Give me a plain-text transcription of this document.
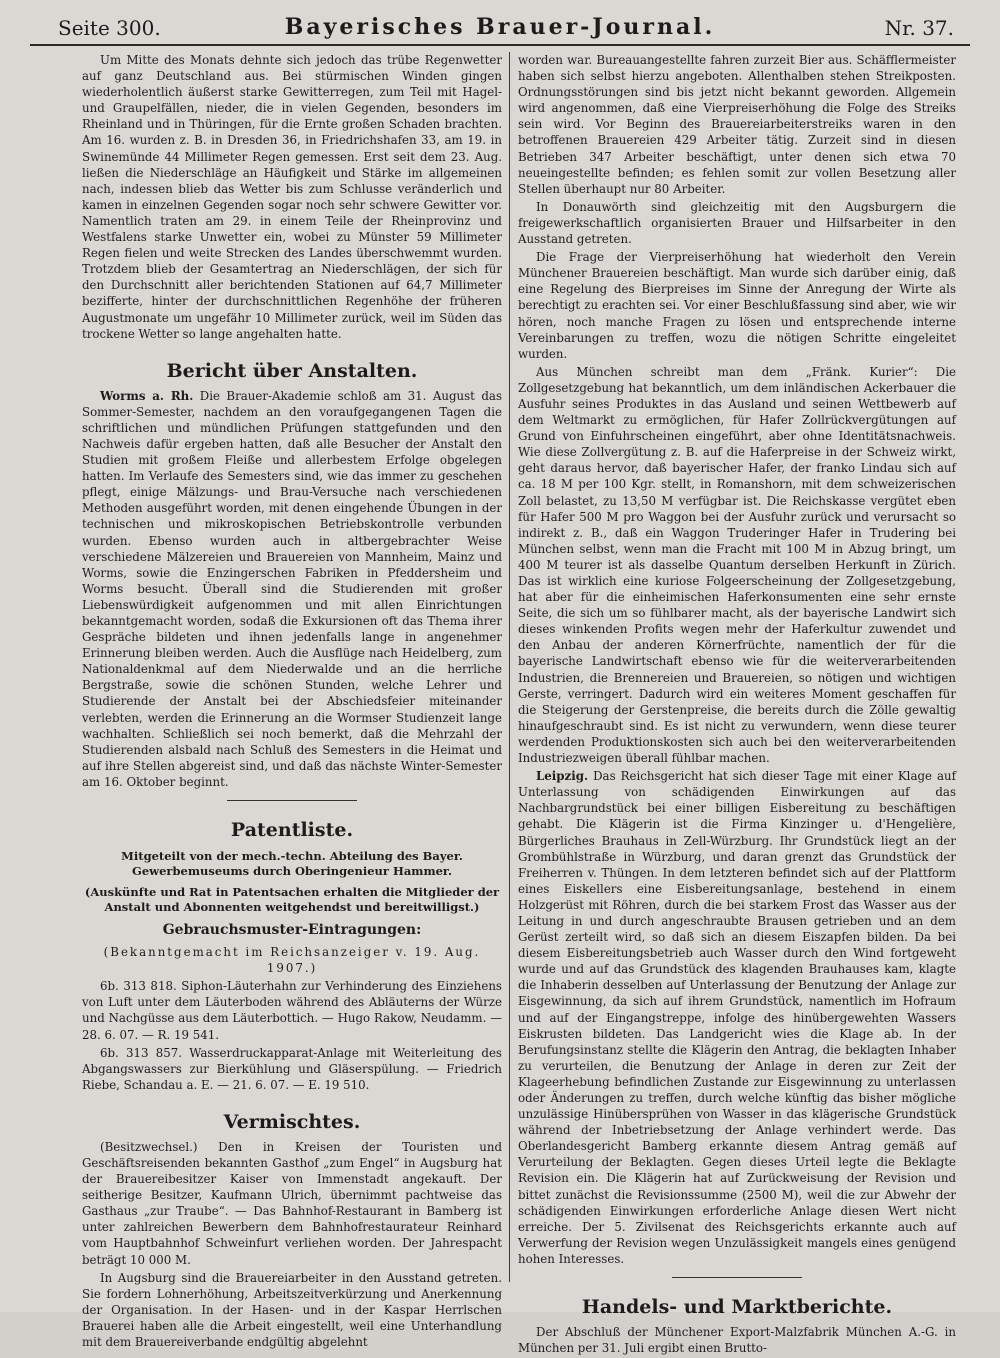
Seite 300.	Bayerisches Brauer-Journal.	Nr. 37.

Um Mitte des Monats dehnte sich jedoch das trübe Regenwetter auf ganz Deutschland aus. Bei stürmischen Winden gingen wiederholentlich äußerst starke Gewitterregen, zum Teil mit Hagel- und Graupelfällen, nieder, die in vielen Gegenden, besonders im Rheinland und in Thüringen, für die Ernte großen Schaden brachten. Am 16. wurden z. B. in Dresden 36, in Friedrichshafen 33, am 19. in Swinemünde 44 Millimeter Regen gemessen. Erst seit dem 23. Aug. ließen die Niederschläge an Häufigkeit und Stärke im allgemeinen nach, indessen blieb das Wetter bis zum Schlusse veränderlich und kamen in einzelnen Gegenden sogar noch sehr schwere Gewitter vor. Namentlich traten am 29. in einem Teile der Rheinprovinz und Westfalens starke Unwetter ein, wobei zu Münster 59 Millimeter Regen fielen und weite Strecken des Landes überschwemmt wurden. Trotzdem blieb der Gesamtertrag an Niederschlägen, der sich für den Durchschnitt aller berichtenden Stationen auf 64,7 Millimeter bezifferte, hinter der durchschnittlichen Regenhöhe der früheren Augustmonate um ungefähr 10 Millimeter zurück, weil im Süden das trockene Wetter so lange angehalten hatte.

Bericht über Anstalten.

Worms a. Rh. Die Brauer-Akademie schloß am 31. August das Sommer-Semester, nachdem an den voraufgegangenen Tagen die schriftlichen und mündlichen Prüfungen stattgefunden und den Nachweis dafür ergeben hatten, daß alle Besucher der Anstalt den Studien mit großem Fleiße und allerbestem Erfolge obgelegen hatten. Im Verlaufe des Semesters sind, wie das immer zu geschehen pflegt, einige Mälzungs- und Brau-Versuche nach verschiedenen Methoden ausgeführt worden, mit denen eingehende Übungen in der technischen und mikroskopischen Betriebskontrolle verbunden wurden. Ebenso wurden auch in altbergebrachter Weise verschiedene Mälzereien und Brauereien von Mannheim, Mainz und Worms, sowie die Enzingerschen Fabriken in Pfeddersheim und Worms besucht. Überall sind die Studierenden mit großer Liebenswürdigkeit aufgenommen und mit allen Einrichtungen bekanntgemacht worden, sodaß die Exkursionen oft das Thema ihrer Gespräche bildeten und ihnen jedenfalls lange in angenehmer Erinnerung bleiben werden. Auch die Ausflüge nach Heidelberg, zum Nationaldenkmal auf dem Niederwalde und an die herrliche Bergstraße, sowie die schönen Stunden, welche Lehrer und Studierende der Anstalt bei der Abschiedsfeier miteinander verlebten, werden die Erinnerung an die Wormser Studienzeit lange wachhalten. Schließlich sei noch bemerkt, daß die Mehrzahl der Studierenden alsbald nach Schluß des Semesters in die Heimat und auf ihre Stellen abgereist sind, und daß das nächste Winter-Semester am 16. Oktober beginnt.

Patentliste.
Mitgeteilt von der mech.-techn. Abteilung des Bayer. Gewerbemuseums durch Oberingenieur Hammer.
(Auskünfte und Rat in Patentsachen erhalten die Mitglieder der Anstalt und Abonnenten weitgehendst und bereitwilligst.)
Gebrauchsmuster-Eintragungen:

(Bekanntgemacht im Reichsanzeiger v. 19. Aug. 1907.)

6b. 313 818. Siphon-Läuterhahn zur Verhinderung des Einziehens von Luft unter dem Läuterboden während des Abläuterns der Würze und Nachgüsse aus dem Läuterbottich. — Hugo Rakow, Neudamm. — 28. 6. 07. — R. 19 541.

6b. 313 857. Wasserdruckapparat-Anlage mit Weiterleitung des Abgangswassers zur Bierkühlung und Gläserspülung. — Friedrich Riebe, Schandau a. E. — 21. 6. 07. — E. 19 510.

Vermischtes.

(Besitzwechsel.) Den in Kreisen der Touristen und Geschäftsreisenden bekannten Gasthof „zum Engel“ in Augsburg hat der Brauereibesitzer Kaiser von Immenstadt angekauft. Der seitherige Besitzer, Kaufmann Ulrich, übernimmt pachtweise das Gasthaus „zur Traube“. — Das Bahnhof-Restaurant in Bamberg ist unter zahlreichen Bewerbern dem Bahnhofrestaurateur Reinhard vom Hauptbahnhof Schweinfurt verliehen worden. Der Jahrespacht beträgt 10 000 M.

In Augsburg sind die Brauereiarbeiter in den Ausstand getreten. Sie fordern Lohnerhöhung, Arbeitszeitverkürzung und Anerkennung der Organisation. In der Hasen- und in der Kaspar Herrlschen Brauerei haben alle die Arbeit eingestellt, weil eine Unterhandlung mit dem Brauereiverbande endgültig abgelehnt

worden war. Bureauangestellte fahren zurzeit Bier aus. Schäfflermeister haben sich selbst hierzu angeboten. Allenthalben stehen Streikposten. Ordnungsstörungen sind bis jetzt nicht bekannt geworden. Allgemein wird angenommen, daß eine Vierpreiserhöhung die Folge des Streiks sein wird. Vor Beginn des Brauereiarbeiterstreiks waren in den betroffenen Brauereien 429 Arbeiter tätig. Zurzeit sind in diesen Betrieben 347 Arbeiter beschäftigt, unter denen sich etwa 70 neueingestellte befinden; es fehlen somit zur vollen Besetzung aller Stellen überhaupt nur 80 Arbeiter.

In Donauwörth sind gleichzeitig mit den Augsburgern die freigewerkschaftlich organisierten Brauer und Hilfsarbeiter in den Ausstand getreten.

Die Frage der Vierpreiserhöhung hat wiederholt den Verein Münchener Brauereien beschäftigt. Man wurde sich darüber einig, daß eine Regelung des Bierpreises im Sinne der Anregung der Wirte als berechtigt zu erachten sei. Vor einer Beschlußfassung sind aber, wie wir hören, noch manche Fragen zu lösen und entsprechende interne Vereinbarungen zu treffen, wozu die nötigen Schritte eingeleitet wurden.

Aus München schreibt man dem „Fränk. Kurier“: Die Zollgesetzgebung hat bekanntlich, um dem inländischen Ackerbauer die Ausfuhr seines Produktes in das Ausland und seinen Wettbewerb auf dem Weltmarkt zu ermöglichen, für Hafer Zollrückvergütungen auf Grund von Einfuhrscheinen eingeführt, aber ohne Identitätsnachweis. Wie diese Zollvergütung z. B. auf die Haferpreise in der Schweiz wirkt, geht daraus hervor, daß bayerischer Hafer, der franko Lindau sich auf ca. 18 M per 100 Kgr. stellt, in Romanshorn, mit dem schweizerischen Zoll belastet, zu 13,50 M verfügbar ist. Die Reichskasse vergütet eben für Hafer 500 M pro Waggon bei der Ausfuhr zurück und verursacht so indirekt z. B., daß ein Waggon Truderinger Hafer in Trudering bei München selbst, wenn man die Fracht mit 100 M in Abzug bringt, um 400 M teurer ist als dasselbe Quantum derselben Herkunft in Zürich. Das ist wirklich eine kuriose Folgeerscheinung der Zollgesetzgebung, hat aber für die einheimischen Haferkonsumenten eine sehr ernste Seite, die sich um so fühlbarer macht, als der bayerische Landwirt sich dieses winkenden Profits wegen mehr der Haferkultur zuwendet und den Anbau der anderen Körnerfrüchte, namentlich der für die bayerische Landwirtschaft ebenso wie für die weiterverarbeitenden Industrien, die Brennereien und Brauereien, so nötigen und wichtigen Gerste, verringert. Dadurch wird ein weiteres Moment geschaffen für die Steigerung der Gerstenpreise, die bereits durch die Zölle gewaltig hinaufgeschraubt sind. Es ist nicht zu verwundern, wenn diese teurer werdenden Produktionskosten sich auch bei den weiterverarbeitenden Industriezweigen überall fühlbar machen.

Leipzig. Das Reichsgericht hat sich dieser Tage mit einer Klage auf Unterlassung von schädigenden Einwirkungen auf das Nachbargrundstück bei einer billigen Eisbereitung zu beschäftigen gehabt. Die Klägerin ist die Firma Kinzinger u. d'Hengelière, Bürgerliches Brauhaus in Zell-Würzburg. Ihr Grundstück liegt an der Grombühlstraße in Würzburg, und daran grenzt das Grundstück der Freiherren v. Thüngen. In dem letzteren befindet sich auf der Plattform eines Eiskellers eine Eisbereitungsanlage, bestehend in einem Holzgerüst mit Röhren, durch die bei starkem Frost das Wasser aus der Leitung in und durch angeschraubte Brausen getrieben und an dem Gerüst zerteilt wird, so daß sich an diesem Eiszapfen bilden. Da bei diesem Eisbereitungsbetrieb auch Wasser durch den Wind fortgeweht wurde und auf das Grundstück des klagenden Brauhauses kam, klagte die Inhaberin desselben auf Unterlassung der Benutzung der Anlage zur Eisgewinnung, da sich auf ihrem Grundstück, namentlich im Hofraum und auf der Eingangstreppe, infolge des hinübergewehten Wassers Eiskrusten bildeten. Das Landgericht wies die Klage ab. In der Berufungsinstanz stellte die Klägerin den Antrag, die beklagten Inhaber zu verurteilen, die Benutzung der Anlage in deren zur Zeit der Klageerhebung befindlichen Zustande zur Eisgewinnung zu unterlassen oder Änderungen zu treffen, durch welche künftig das bisher mögliche unzulässige Hinübersprühen von Wasser in das klägerische Grundstück während der Inbetriebsetzung der Anlage verhindert werde. Das Oberlandesgericht Bamberg erkannte diesem Antrag gemäß auf Verurteilung der Beklagten. Gegen dieses Urteil legte die Beklagte Revision ein. Die Klägerin hat auf Zurückweisung der Revision und bittet zunächst die Revisionssumme (2500 M), weil die zur Abwehr der schädigenden Einwirkungen erforderliche Anlage diesen Wert nicht erreiche. Der 5. Zivilsenat des Reichsgerichts erkannte auch auf Verwerfung der Revision wegen Unzulässigkeit mangels eines genügend hohen Interesses.

Handels- und Marktberichte.

Der Abschluß der Münchener Export-Malzfabrik München A.-G. in München per 31. Juli ergibt einen Brutto-
